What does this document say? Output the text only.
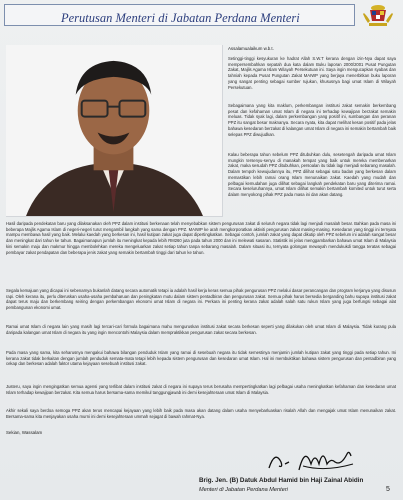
Perutusan Menteri di Jabatan Perdana Menteri
Assalamualaikum w.b.t.
Setinggi-tinggi kesyukuran ke hadrat Allah S.W.T kerana dengan izin-Nya dapat saya mempersembahkan sepatah dua kata dalam Buku laporan 2000/2001 Pusat Pungutan Zakat, Majlis Agama Islam Wilayah Persekutuan ini. Saya ingin mengucapkan syabas dan tahniah kepada Pusat Pungutan Zakat MAIWP yang berjaya menerbitkan buku laporan yang sangat penting sebagai sumber rujukan, khususnya bagi umat Islam di Wilayah Persekutuan.
Sebagaimana yang kita maklum, perkembangan institusi zakat semakin berkembang pesat dan kefahaman umat Islam di negara ini terhadap kewajipan berzakat semakin meluas. Tidak syak lagi, dalam perkembangan yang positif ini, sumbangan dan peranan PPZ itu sangat besar maknanya. Secara nyata, kita dapat melihat kesan positif pada jelas bahawa kesedaran berzakat di kalangan umat Islam di negara ini semakin bertambah baik selepas PPZ diwujudkan.
Kalau beberapa tahun sebelum PPZ ditubuhkan dulu, sesetengah daripada umat Islam mungkin tersenyu-senyu di manakah tempat yang baik untuk mereka membenarkan zakat, maka sesudah PPZ ditubuhkan, persoalan itu tidak lagi menjadi sebarang masalah. Dalam tempoh kewujudannya itu, PPZ dilihat sebagai satu badan yang berkesan dalam memastikan lebih ramai orang Islam menunaikan zakat. Kaedah yang mudah dan pelbagai kemudahan juga dilihat sebagai langkah pendekatan baru yang diterima ramai. Secara keseluruhannya, umat Islam dilihat semakin bertambah komited untuk turut serta dalam menyokong pihak PPZ pada masa ini dan akan datang.
Hasil daripada pendekatan baru yang dilaksanakan oleh PPZ dalam institusi berkenaan telah menyebabkan sistem pengurusan zakat di seluruh negara tidak lagi menjadi masalah besar. Bahkan pada masa ini beberapa Majlis Agama Islam di negeri-negeri turut mengambil langkah yang sama dengan PPZ. MAIWP ke arah mengkorporatkan aktiviti pengurusan zakat masing-masing. Kesedaran yang tinggi ini ternyata mampu membawa hasil yang baik. Melalui kaedah yang berkesan ini, hasil kutipan zakat juga dapat dipertingkatkan. Sebagai contoh, jumlah zakat yang dapat dikutip oleh PPZ sebelum ini adalah sangat besar dan meningkat dari tahun ke tahun. Bagaimanapun jumlah itu meningkat kepada lebih RM260 juta pada tahun 2000 dan ini melewati sasaran. Statistik ini jelas menggambarkan bahawa umat Islam di Malaysia kini semakin maju dan makmur hingga membolehkan mereka mengeluarkan zakat setiap tahun tanpa sebarang masalah. Dalam situasi itu, ternyata golongan mewayah mendukukdi tangga teratas sebagai pembayar zakat pendapatan dan beberapa jenis zakat yang semakin bertambah tinggi dari tahun ke tahun.
Segala kemajuan yang dicapai ini sebenarnya bukanlah datang secara automatik tetapi ia adalah hasil kerja keras semua pihak pengurusan PPZ melalui dasar perancangan dan program kerjanya yang disusun rapi. Oleh kerana itu, perlu diteruskan usaha-usaha pembaharuan dan peningkatan mutu dalam sistem pentadbiran dan pengurusan zakat. Semua pihak harus bersedia berganding bahu supaya institusi zakat dapat terus maju dan berkembang seiring dengan perkembangan ekonomi umat Islam di negara ini. Perkara ini penting kerana zakat adalah salah satu rukun Islam yang juga berfungsi sebagai alat pembangunan ekonomi umat.
Ramai umat Islam di negara lain yang masih lagi tercari-cari formula bagaimana mahu menguruskan institusi zakat secara berkesan seperti yang dilakukan oleh umat Islam di Malaysia. Tidak kurang pula daripada kalangan umat Islam di negara itu yang ingin mencontohi Malaysia dalam mempraktikkan pengurusan zakat secara berkesan.
Pada masa yang sama, kita seharusnya mengakui bahawa bilangan penduduk Islam yang ramai di sesebuah negara itu tidak semestinya menjamin jumlah kutipan zakat yang tinggi pada setiap tahun. Ini kerana zakat tidak berkaitan dengan jumlah penduduk semata-mata tetapi lebih kepada sistem pengurusan dan kesedaran umat Islam. Hal ini membuktikan bahawa sistem pengurusan dan pentadbiran yang cekap dan berkesan adalah faktor utama kejayaan sesebuah institusi zakat.
Justeru, saya ingin mengingatkan semua agensi yang terlibat dalam institusi zakat di negara ini supaya terus berusaha mempertingkatkan lagi pelbagai usaha meningkatkan kefahaman dan kesedaran umat Islam terhadap kewajipan berzakat. Kita semua harus bersama-sama memikul tanggungjawab ini demi kesejahteraan umat Islam di Malaysia.
Akhir sekali saya berdoa semoga PPZ akan terus mencapai kejayaan yang lebih baik pada masa akan datang dalam usaha menyebarluaskan risalah Allah dan mengajak umat Islam menunaikan zakat. Bersama-sama kita menjayakan usaha murni ini demi kesejahteraan ummah sejagat di bawah rahmat-Nya.
Sekian, Wassalam
Brig. Jen. (B) Datuk Abdul Hamid bin Haji Zainal Abidin
Menteri di Jabatan Perdana Menteri	5
